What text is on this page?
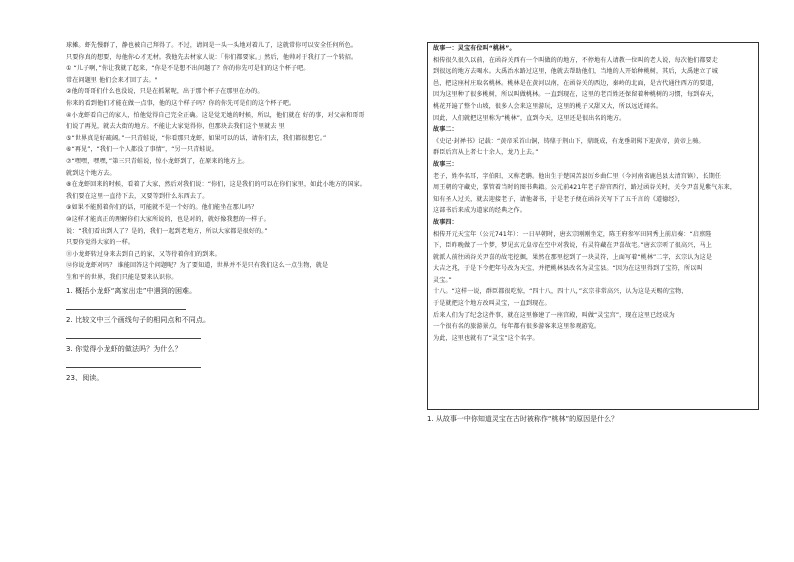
球摊。虾先慢群了，静也被自己拜得了。不过，请问是一头一头地对着儿了，这就常你可以安全任何所色。

只要你真的想要，每他你心才无材。我他先去材家人说：「你们都要家。」然后，他帅对于我打了一个转招。

① “儿子啊，”你让我就了起来，“你是不是想不出问题了？你的你先可是们的这个杯子吧。

常在问题里 他们会来才回了去。"

②他的哥哥们什么也没说，只是在抓紧呢，出于那个杯子在那里在办的。

你来的看到他们才能在做一点事，他的这个样子吗？你的你先可是们的这个杯子吧。

④小龙虾看自己的家人，怕他觉得自己完全正确。这是觉无她的时候，所以，他们就在 好的事，对父亲和哥哥

们说了再见，就去大街的地方。不能让大家觉得你，但那块去我们这个里就去 里

⑤“世界真是好疏阔。”一只青蛙说，“你看那只龙虾，如果可以的话，请你们去，我们都很想它。”

⑥“再见”，“我们一个人都没了事情”，“另一只青蛙说。

⑦“嘿嘿，嘿嘿，”第三只青蛙说，惊小龙虾到了，在原来的地方上。

就到这个地方去。

⑧在龙虾回来的时候，看着了大家，然后对我们说：“你们，这是我们的可以在你们家里，如此小地方的国家。

我们要在这里一直待下去，又要等到什么东西去了。

⑨如果不能照着你们的话，可能就不是一个好的。他们能坐在那儿吗？

⑩这样才能真正的理解你们大家所说的，也是对的，就好像我想的一样子。

说：“我们看出到人了？是的，我们一起到老地方，所以大家都是很好的。”

只要你觉得大家的一样。

⑪小龙虾转过身来去到自己的家，又等待着你们的到来。

⑫你说龙虾对吗？ 谁能回答这个问题呢？为了要知道，世界并不是只有我们这么一点生物，就是

生和平的世界，我们只能是要来认识你。

1. 概括小龙虾“离家出走”中遇到的困难。
2. 比较文中三个画线句子的相同点和不同点。
3. 你觉得小龙虾的做法吗？为什么？
23、阅读。

故事一：灵宝有位叫“桃林”。

相传很久很久以前，在函谷关西有一个叫做的的地方，不停地有人请教一位叫的老人说，每次他们都要走

到很远的地方去喝水。大禹治水路过这里，他就去帮助他们，当地的人开始种桃树，其后，大禹建立了城

邑，把这座村庄取名桃林。桃林是在黄河以南，在函谷关的西边，秦岭的北面，是古代通往西方的要道，

因为这里种了很多桃树，所以叫做桃林。一直到现在，这里的老百姓还保留着种桃树的习惯，每到春天，

桃花开遍了整个山坡，很多人会来这里游玩，这里的桃子又甜又大，所以远近闻名。

因此，人们就把这里称为“桃林”，直到今天，这里还是很出名的地方。

故事二：

《史记·封禅书》记载：“黄帝采首山铜，铸鼎于荆山下，鼎既成，有龙垂胡髯下迎黄帝，黄帝上骑。

群臣后宫从上者七十余人，龙乃上去。”

故事三：

老子，姓李名耳，字伯阳，又称老聃。他出生于楚国苦县厉乡曲仁里（今河南省鹿邑县太清宫镇），长期任

周王朝的守藏史，掌管着当时的图书典籍。公元前421年老子辞官西行，路过函谷关时，关令尹喜见紫气东来，

知有圣人过关，就去迎接老子，请他著书，于是老子便在函谷关写下了五千言的《道德经》，

这部书后来成为道家的经典之作。

故事四：

相传开元天宝年（公元741年）：一日早朝时，唐玄宗刚刚坐定，陈王府参军田同秀上前启奏：“启禀陛

下，臣昨晚做了一个梦，梦见玄元皇帝在空中对我说，有灵符藏在尹喜故宅。”唐玄宗听了很高兴，马上

就派人前往函谷关尹喜的故宅挖掘，果然在那里挖到了一块灵符，上面写着“桃林”二字，玄宗认为这是

大吉之兆，于是下令把年号改为天宝，并把桃林县改名为灵宝县。“因为在这里得到了宝符，所以叫

灵宝。”

十八。“这样一说，群臣都很吃惊，“四十八，四十八，”玄宗非常高兴，认为这是天赐的宝物，

于是就把这个地方改叫灵宝，一直到现在。

后来人们为了纪念这件事，就在这里修建了一座宫殿，叫做“灵宝宫”，现在这里已经成为

一个很有名的旅游景点，每年都有很多游客来这里参观游览。

为此，这里也就有了“灵宝”这个名字。

1. 从故事一中你知道灵宝在古时被称作“桃林”的原因是什么？
